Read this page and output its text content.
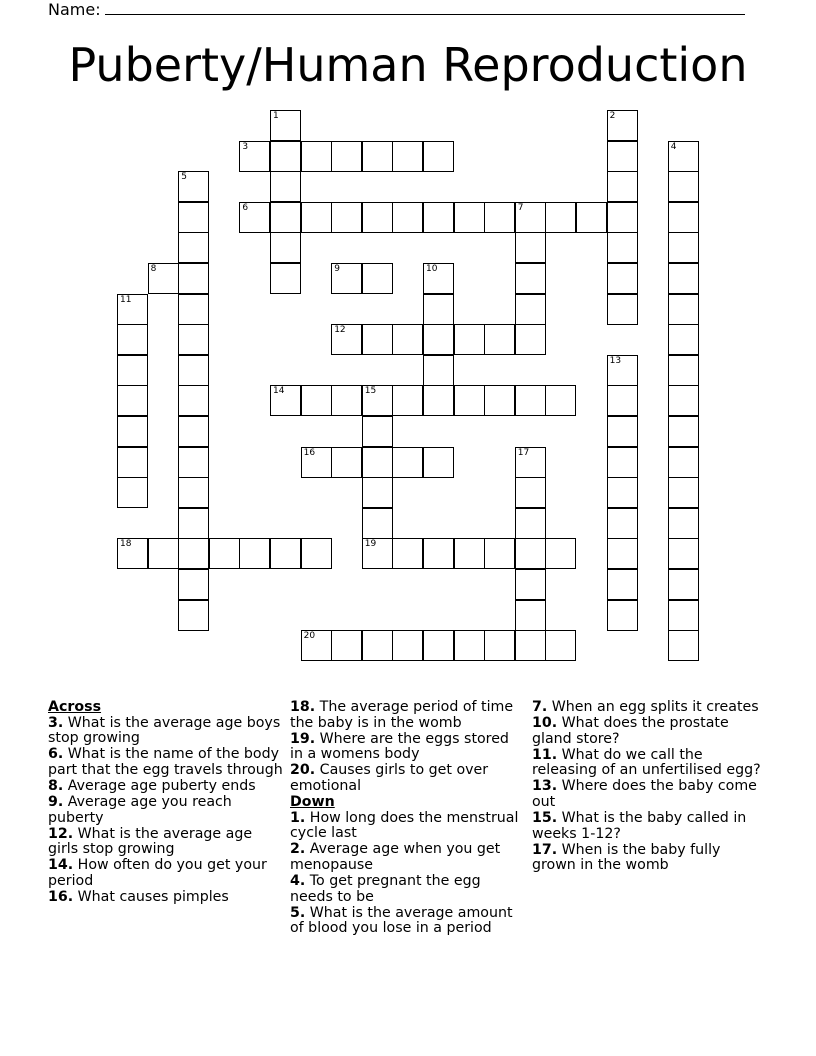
Name:
Puberty/Human Reproduction
1	2
3	4
5
6	7
8	9	10
11
12
13
14	15
19
16	17
18
20
Across
3. What is the average age boys stop growing
6. What is the name of the body part that the egg travels through
8. Average age puberty ends
9. Average age you reach puberty
12. What is the average age girls stop growing
14. How often do you get your period
16. What causes pimples
18. The average period of time the baby is in the womb
19. Where are the eggs stored in a womens body
20. Causes girls to get over emotional
Down
1. How long does the menstrual cycle last
2. Average age when you get menopause
4. To get pregnant the egg needs to be
5. What is the average amount of blood you lose in a period
7. When an egg splits it creates
10. What does the prostate gland store?
11. What do we call the releasing of an unfertilised egg?
13. Where does the baby come out
15. What is the baby called in weeks 1-12?
17. When is the baby fully grown in the womb
